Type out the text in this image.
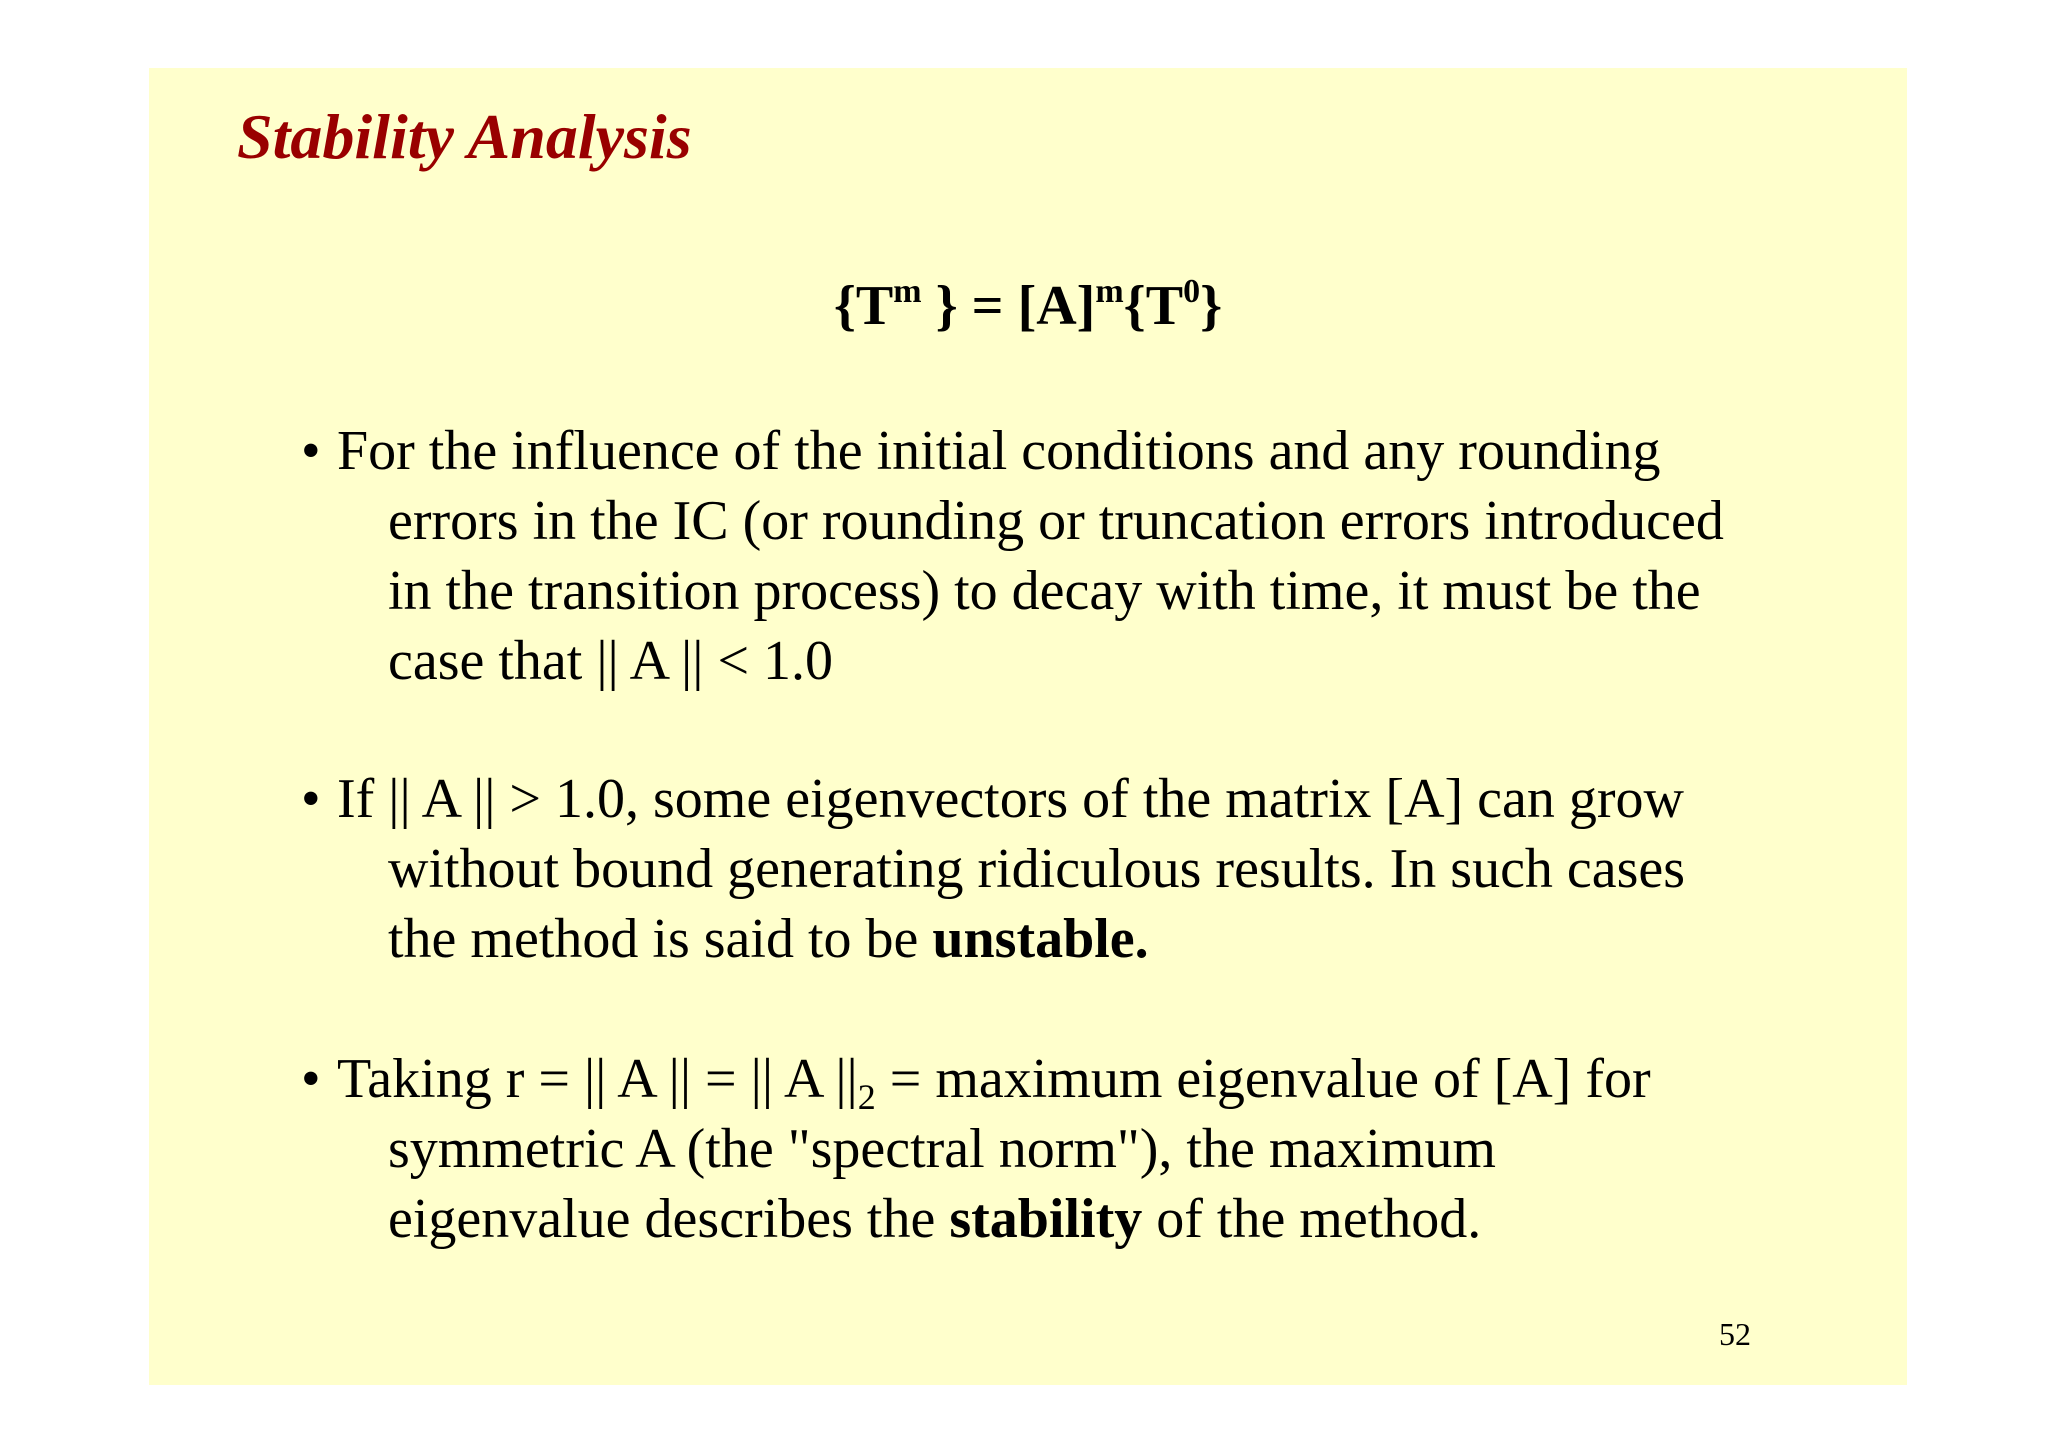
Stability Analysis
{$T^m$ } = $[A]^m\{T^0\}$
• For the influence of the initial conditions and any rounding
errors in the IC (or rounding or truncation errors introduced
in the transition process) to decay with time, it must be the
case that || A || < 1.0
• If || A || > 1.0, some eigenvectors of the matrix [A] can grow
without bound generating ridiculous results. In such cases
the method is said to be unstable.
• Taking r = || A || = || A $||_2$ = maximum eigenvalue of [A] for
symmetric A (the "spectral norm"), the maximum
eigenvalue describes the stability of the method.
52
